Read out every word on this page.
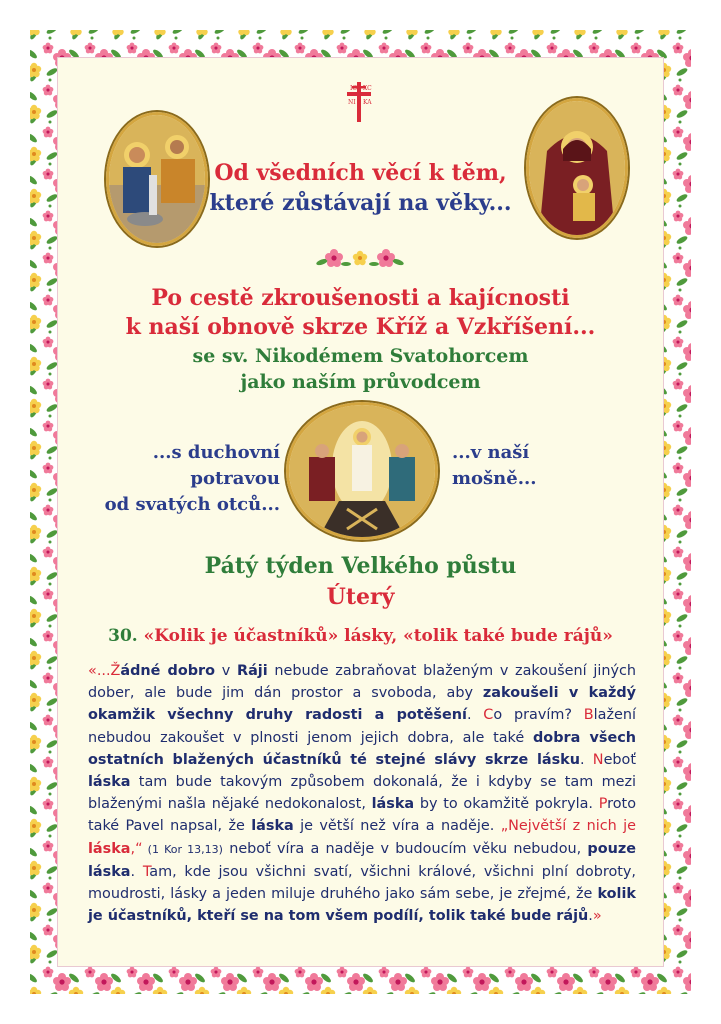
IC XC
NI KA
Od všedních věcí k těm,
které zůstávají na věky...
Po cestě zkroušenosti a kajícnosti
k naší obnově skrze Kříž a Vzkříšení...
se sv. Nikodémem Svatohorcem
jako naším průvodcem
...s duchovní
potravou
od svatých otců...
...v naší
mošně...
Pátý týden Velkého půstu
Úterý
30. «Kolik je účastníků» lásky, «tolik také bude rájů»

«...Žádné dobro v Ráji nebude zabraňovat blaženým v zakoušení jiných dober, ale bude jim dán prostor a svoboda, aby zakoušeli v každý okamžik všechny druhy radosti a potěšení. Co pravím? Blažení nebudou zakoušet v plnosti jenom jejich dobra, ale také dobra všech ostatních blažených účastníků té stejné slávy skrze lásku. Neboť láska tam bude takovým způsobem dokonalá, že i kdyby se tam mezi blaženými našla nějaké nedokonalost, láska by to okamžitě pokryla. Proto také Pavel napsal, že láska je větší než víra a naděje. „Největší z nich je láska,“ (1 Kor 13,13) neboť víra a naděje v budoucím věku nebudou, pouze láska. Tam, kde jsou všichni svatí, všichni králové, všichni plní dobroty, moudrosti, lásky a jeden miluje druhého jako sám sebe, je zřejmé, že kolik je účastníků, kteří se na tom všem podílí, tolik také bude rájů.»
